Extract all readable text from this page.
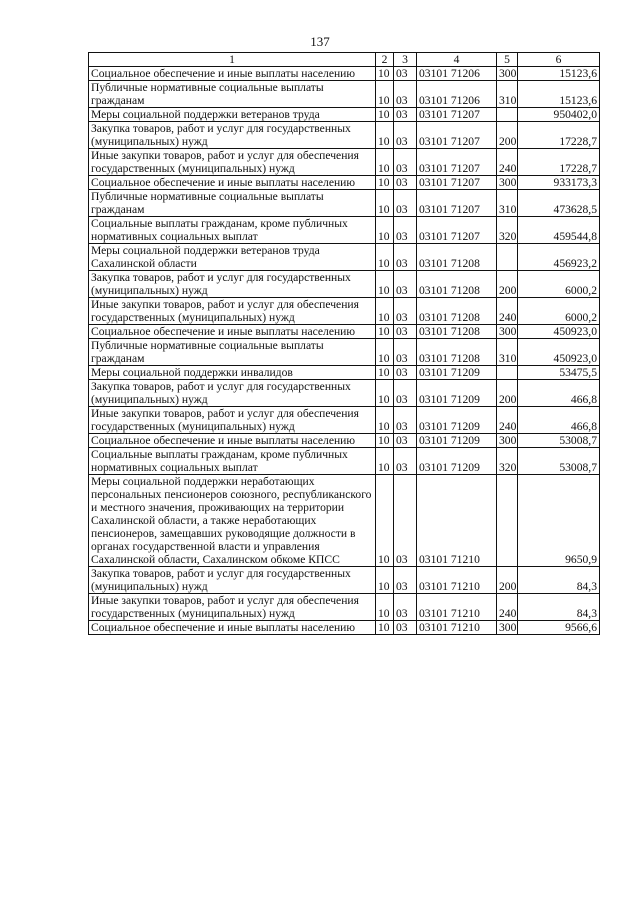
137
1	2	3	4	5	6
Социальное обеспечение и иные выплаты населению	10	03	03101 71206	300	15123,6
Публичные нормативные социальные выплаты гражданам	10	03	03101 71206	310	15123,6
Меры социальной поддержки ветеранов труда	10	03	03101 71207		950402,0
Закупка товаров, работ и услуг для государственных (муниципальных) нужд	10	03	03101 71207	200	17228,7
Иные закупки товаров, работ и услуг для обеспечения государственных (муниципальных) нужд	10	03	03101 71207	240	17228,7
Социальное обеспечение и иные выплаты населению	10	03	03101 71207	300	933173,3
Публичные нормативные социальные выплаты гражданам	10	03	03101 71207	310	473628,5
Социальные выплаты гражданам, кроме публичных нормативных социальных выплат	10	03	03101 71207	320	459544,8
Меры социальной поддержки ветеранов труда Сахалинской области	10	03	03101 71208		456923,2
Закупка товаров, работ и услуг для государственных (муниципальных) нужд	10	03	03101 71208	200	6000,2
Иные закупки товаров, работ и услуг для обеспечения государственных (муниципальных) нужд	10	03	03101 71208	240	6000,2
Социальное обеспечение и иные выплаты населению	10	03	03101 71208	300	450923,0
Публичные нормативные социальные выплаты гражданам	10	03	03101 71208	310	450923,0
Меры социальной поддержки инвалидов	10	03	03101 71209		53475,5
Закупка товаров, работ и услуг для государственных (муниципальных) нужд	10	03	03101 71209	200	466,8
Иные закупки товаров, работ и услуг для обеспечения государственных (муниципальных) нужд	10	03	03101 71209	240	466,8
Социальное обеспечение и иные выплаты населению	10	03	03101 71209	300	53008,7
Социальные выплаты гражданам, кроме публичных нормативных социальных выплат	10	03	03101 71209	320	53008,7
Меры социальной поддержки неработающих персональных пенсионеров союзного, республиканского и местного значения, проживающих на территории Сахалинской области, а также неработающих пенсионеров, замещавших руководящие должности в органах государственной власти и управления Сахалинской области, Сахалинском обкоме КПСС	10	03	03101 71210		9650,9
Закупка товаров, работ и услуг для государственных (муниципальных) нужд	10	03	03101 71210	200	84,3
Иные закупки товаров, работ и услуг для обеспечения государственных (муниципальных) нужд	10	03	03101 71210	240	84,3
Социальное обеспечение и иные выплаты населению	10	03	03101 71210	300	9566,6
